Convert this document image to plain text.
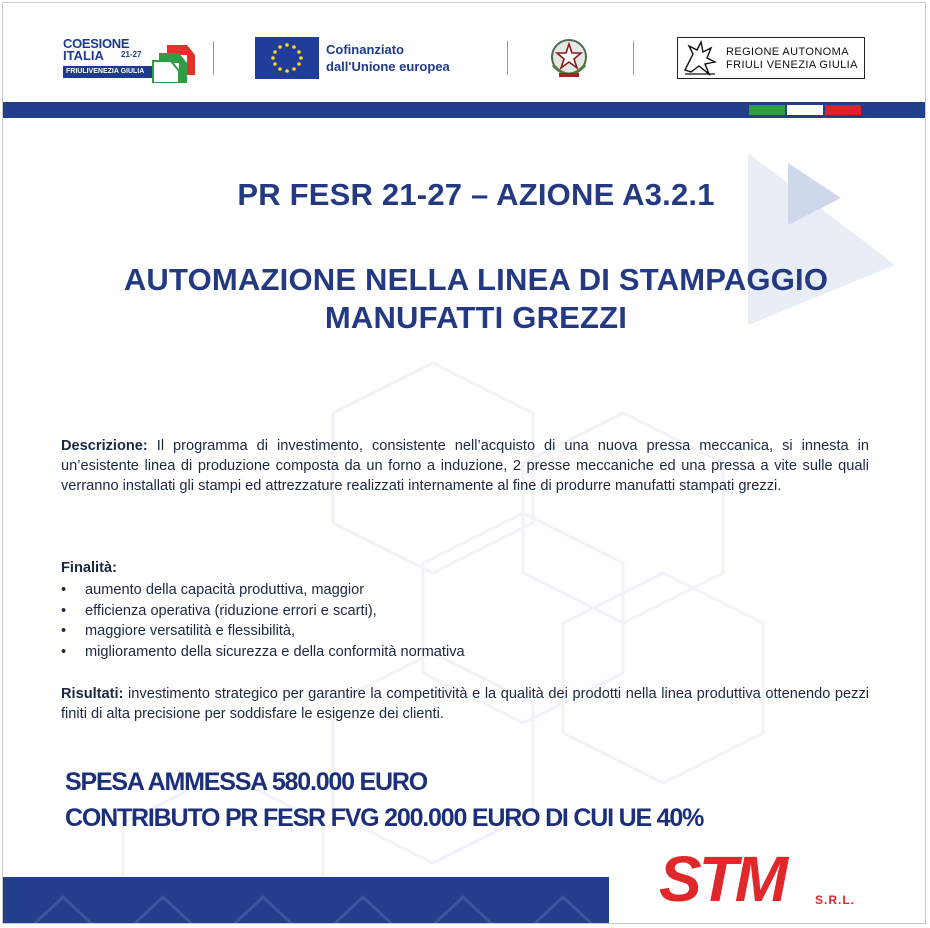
COESIONE
ITALIA 21-27
FRIULIVENEZIA GIULIA
Cofinanziato
dall'Unione europea
REGIONE AUTONOMA
FRIULI VENEZIA GIULIA
PR FESR 21-27 – AZIONE A3.2.1
AUTOMAZIONE NELLA LINEA DI STAMPAGGIO
MANUFATTI GREZZI
Descrizione: Il programma di investimento, consistente nell’acquisto di una nuova pressa meccanica, si innesta in un’esistente linea di produzione composta da un forno a induzione, 2 presse meccaniche ed una pressa a vite sulle quali verranno installati gli stampi ed attrezzature realizzati internamente al fine di produrre manufatti stampati grezzi.
Finalità:
• aumento della capacità produttiva, maggior
• efficienza operativa (riduzione errori e scarti),
• maggiore versatilità e flessibilità,
• miglioramento della sicurezza e della conformità normativa
Risultati: investimento strategico per garantire la competitività e la qualità dei prodotti nella linea produttiva ottenendo pezzi finiti di alta precisione per soddisfare le esigenze dei clienti.
SPESA AMMESSA 580.000 EURO
CONTRIBUTO PR FESR FVG 200.000 EURO DI CUI UE 40%
STM S.R.L.
